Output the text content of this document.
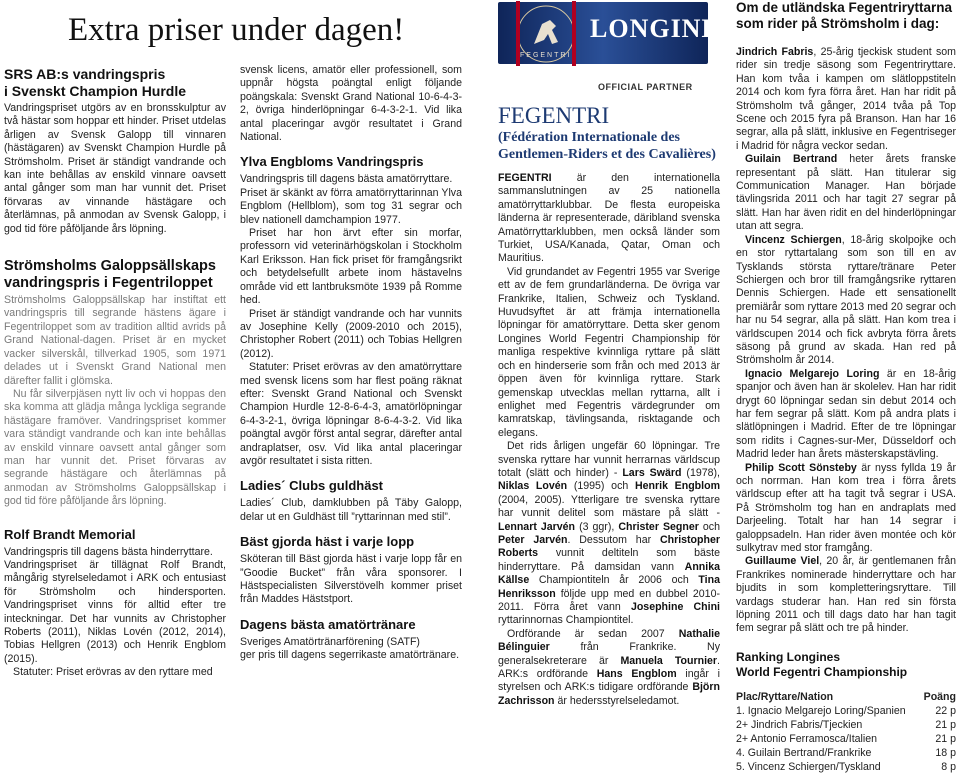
Extra priser under dagen!
SRS AB:s vandringspris
i Svenskt Champion Hurdle

Vandringspriset utgörs av en bronsskulptur av två hästar som hoppar ett hinder. Priset utdelas årligen av Svensk Galopp till vinnaren (hästägaren) av Svenskt Champion Hurdle på Strömsholm. Priset är ständigt vandrande och kan inte behållas av enskild vinnare oavsett antal gånger som man har vunnit det. Priset förvaras av vinnande hästägare och återlämnas, på anmodan av Svensk Galopp, i god tid före påföljande års löpning.

Strömsholms Galoppsällskaps vandringspris i Fegentriloppet

Strömsholms Galoppsällskap har instiftat ett vandringspris till segrande hästens ägare i Fegentriloppet som av tradition alltid avrids på Grand National-dagen. Priset är en mycket vacker silverskål, tillverkad 1905, som 1971 delades ut i Svenskt Grand National men därefter fallit i glömska.

Nu får silverpjäsen nytt liv och vi hoppas den ska komma att glädja många lyckliga segrande hästägare framöver. Vandringspriset kommer vara ständigt vandrande och kan inte behållas av enskild vinnare oavsett antal gånger som man har vunnit det. Priset förvaras av segrande hästägare och återlämnas på anmodan av Strömsholms Galoppsällskap i god tid före påföljande års löpning.

Rolf Brandt Memorial

Vandringspris till dagens bästa hinderryttare.

Vandringspriset är tillägnat Rolf Brandt, mångårig styrelseledamot i ARK och entusiast för Strömsholm och hindersporten. Vandringspriset vinns för alltid efter tre inteckningar. Det har vunnits av Christopher Roberts (2011), Niklas Lovén (2012, 2014), Tobias Hellgren (2013) och Henrik Engblom (2015).

Statuter: Priset erövras av den ryttare med

svensk licens, amatör eller professionell, som uppnår högsta poängtal enligt följande poängskala: Svenskt Grand National 10-6-4-3-2, övriga hinderlöpningar 6-4-3-2-1. Vid lika antal placeringar avgör resultatet i Grand National.

Ylva Engbloms Vandringspris

Vandringspris till dagens bästa amatörryttare.

Priset är skänkt av förra amatörryttarinnan Ylva Engblom (Hellblom), som tog 31 segrar och blev nationell damchampion 1977.

Priset har hon ärvt efter sin morfar, professorn vid veterinärhögskolan i Stockholm Karl Eriksson. Han fick priset för framgångsrikt och betydelsefullt arbete inom hästavelns område vid ett lantbruksmöte 1939 på Romme hed.

Priset är ständigt vandrande och har vunnits av Josephine Kelly (2009-2010 och 2015), Christopher Robert (2011) och Tobias Hellgren (2012).

Statuter: Priset erövras av den amatörryttare med svensk licens som har flest poäng räknat efter: Svenskt Grand National och Svenskt Champion Hurdle 12-8-6-4-3, amatörlöpningar 6-4-3-2-1, övriga löpningar 8-6-4-3-2. Vid lika poängtal avgör först antal segrar, därefter antal andraplatser, osv. Vid lika antal placeringar avgör resultatet i sista ritten.

Ladies´ Clubs guldhäst

Ladies´ Club, damklubben på Täby Galopp, delar ut en Guldhäst till ”ryttarinnan med stil”.

Bäst gjorda häst i varje lopp

Sköteran till Bäst gjorda häst i varje lopp får en ”Goodie Bucket” från våra sponsorer. I Hästspecialisten Silverstövelh kommer priset från Maddes Häststport.

Dagens bästa amatörtränare

Sveriges Amatörtränarförening (SATF)
ger pris till dagens segerrikaste amatörtränare.

LONGINES
FEGENTRI
OFFICIAL PARTNER
FEGENTRI
(Fédération Internationale des Gentlemen-Riders et des Cavalières)

FEGENTRI är den internationella sammanslutningen av 25 nationella amatörryttarklubbar. De flesta europeiska länderna är representerade, däribland svenska Amatörryttarklubben, men också länder som Turkiet, USA/Kanada, Qatar, Oman och Mauritius.

Vid grundandet av Fegentri 1955 var Sverige ett av de fem grundarländerna. De övriga var Frankrike, Italien, Schweiz och Tyskland. Huvudsyftet är att främja internationella löpningar för amatörryttare. Detta sker genom Longines World Fegentri Championship för manliga respektive kvinnliga ryttare på slätt och en hinderserie som från och med 2013 är öppen även för kvinnliga ryttare. Stark gemenskap utvecklas mellan ryttarna, allt i enlighet med Fegentris värdegrunder om kamratskap, tävlingsanda, risktagande och elegans.

Det rids årligen ungefär 60 löpningar. Tre svenska ryttare har vunnit herrarnas världscup totalt (slätt och hinder) - Lars Swärd (1978), Niklas Lovén (1995) och Henrik Engblom (2004, 2005). Ytterligare tre svenska ryttare har vunnit delitel som mästare på slätt - Lennart Jarvén (3 ggr), Christer Segner och Peter Jarvén. Dessutom har Christopher Roberts vunnit deltiteln som bäste hinderryttare. På damsidan vann Annika Källse Championtiteln år 2006 och Tina Henriksson följde upp med en dubbel 2010-2011. Förra året vann Josephine Chini ryttarinnornas Championtitel.

Ordförande är sedan 2007 Nathalie Bélinguier från Frankrike. Ny generalsekreterare är Manuela Tournier. ARK:s ordförande Hans Engblom ingår i styrelsen och ARK:s tidigare ordförande Björn Zachrisson är hedersstyrelseledamot.

Om de utländska Fegentriryttarna som rider på Strömsholm i dag:

Jindrich Fabris, 25-årig tjeckisk student som rider sin tredje säsong som Fegentriryttare. Han kom tvåa i kampen om slätloppstiteln 2014 och kom fyra förra året. Han har ridit på Strömsholm två gånger, 2014 tvåa på Top Scene och 2015 fyra på Branson. Han har 16 segrar, alla på slätt, inklusive en Fegentriseger i Madrid för några veckor sedan.

Guilain Bertrand heter årets franske representant på slätt. Han titulerar sig Communication Manager. Han började tävlingsrida 2011 och har tagit 27 segrar på slätt. Han har även ridit en del hinderlöpningar utan att segra.

Vincenz Schiergen, 18-årig skolpojke och en stor ryttartalang som son till en av Tysklands största ryttare/tränare Peter Schiergen och bror till framgångsrike ryttaren Dennis Schiergen. Hade ett sensationellt premiärår som ryttare 2013 med 20 segrar och har nu 54 segrar, alla på slätt. Han kom trea i världscupen 2014 och fick avbryta förra årets säsong på grund av skada. Han red på Strömsholm år 2014.

Ignacio Melgarejo Loring är en 18-årig spanjor och även han är skolelev. Han har ridit drygt 60 löpningar sedan sin debut 2014 och har fem segrar på slätt. Kom på andra plats i slätlöpningen i Madrid. Efter de tre löpningar som ridits i Cagnes-sur-Mer, Düsseldorf och Madrid leder han årets mästerskapstävling.

Philip Scott Sönsteby är nyss fyllda 19 år och norrman. Han kom trea i förra årets världscup efter att ha tagit två segrar i USA. På Strömsholm tog han en andraplats med Darjeeling. Totalt har han 14 segrar i galoppsadeln. Han rider även montée och kör sulkytrav med stor framgång.

Guillaume Viel, 20 år, är gentlemanen från Frankrikes nominerade hinderryttare och har bjudits in som kompletteringsryttare. Till vardags studerar han. Han red sin första löpning 2011 och till dags dato har han tagit fem segrar på slätt och tre på hinder.

Ranking Longines
World Fegentri Championship
Plac/Ryttare/Nation	Poäng
1. Ignacio Melgarejo Loring/Spanien	22 p
2+ Jindrich Fabris/Tjeckien	21 p
2+ Antonio Ferramosca/Italien	21 p
4. Guilain Bertrand/Frankrike	18 p
5. Vincenz Schiergen/Tyskland	8 p
